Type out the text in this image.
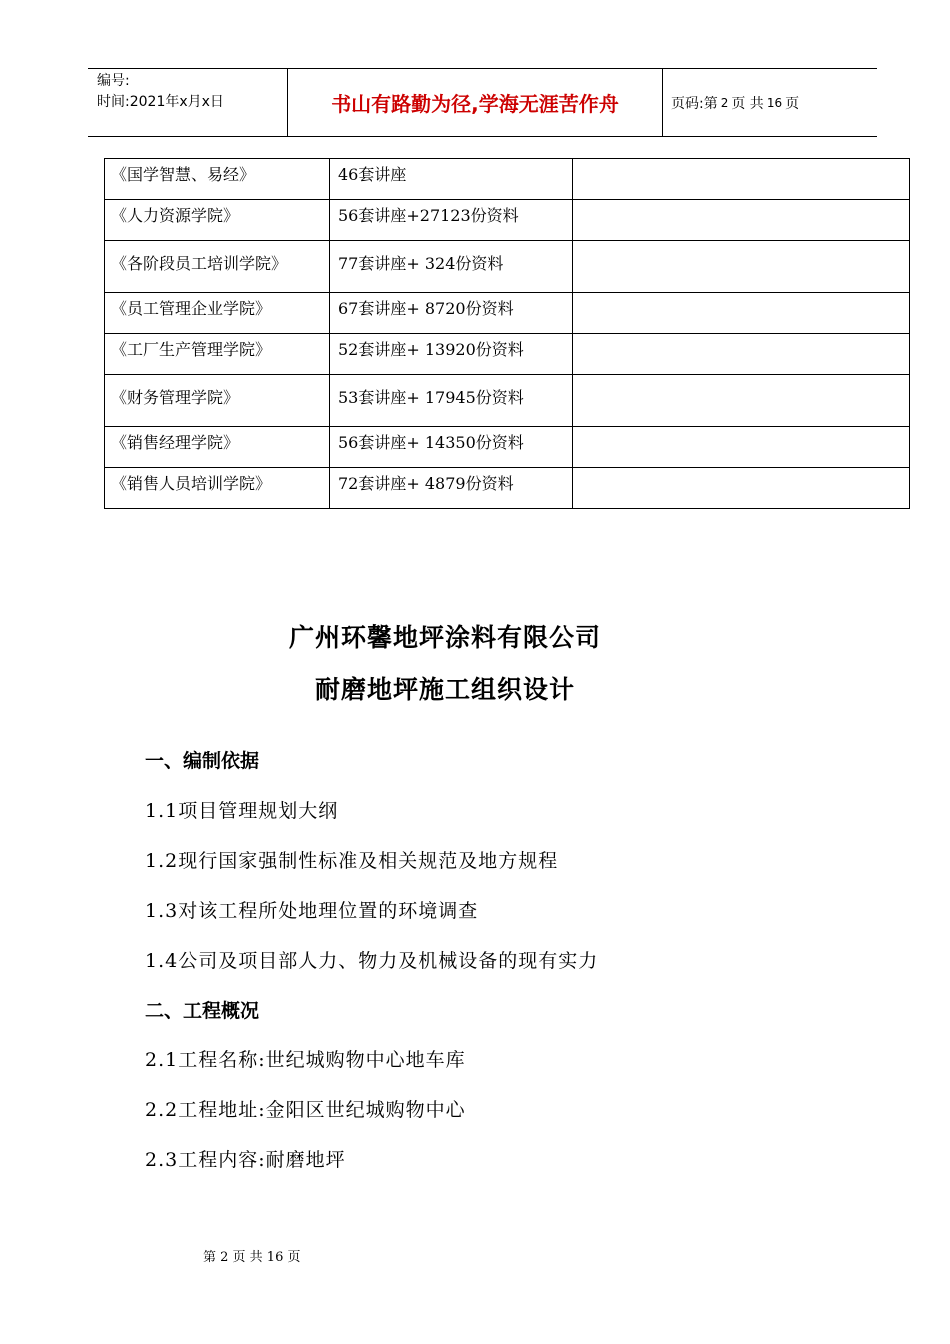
编号:
时间:2021年x月x日	书山有路勤为径,学海无涯苦作舟	页码:第 2 页 共 16 页
《国学智慧、易经》	46套讲座	
《人力资源学院》	56套讲座+27123份资料	
《各阶段员工培训学院》	77套讲座+ 324份资料	
《员工管理企业学院》	67套讲座+ 8720份资料	
《工厂生产管理学院》	52套讲座+ 13920份资料	
《财务管理学院》	53套讲座+ 17945份资料	
《销售经理学院》	56套讲座+ 14350份资料	
《销售人员培训学院》	72套讲座+ 4879份资料	
广州环馨地坪涂料有限公司
耐磨地坪施工组织设计
一、编制依据
1.1项目管理规划大纲
1.2现行国家强制性标准及相关规范及地方规程
1.3对该工程所处地理位置的环境调查
1.4公司及项目部人力、物力及机械设备的现有实力
二、工程概况
2.1工程名称:世纪城购物中心地车库
2.2工程地址:金阳区世纪城购物中心
2.3工程内容:耐磨地坪
第 2 页 共 16 页
